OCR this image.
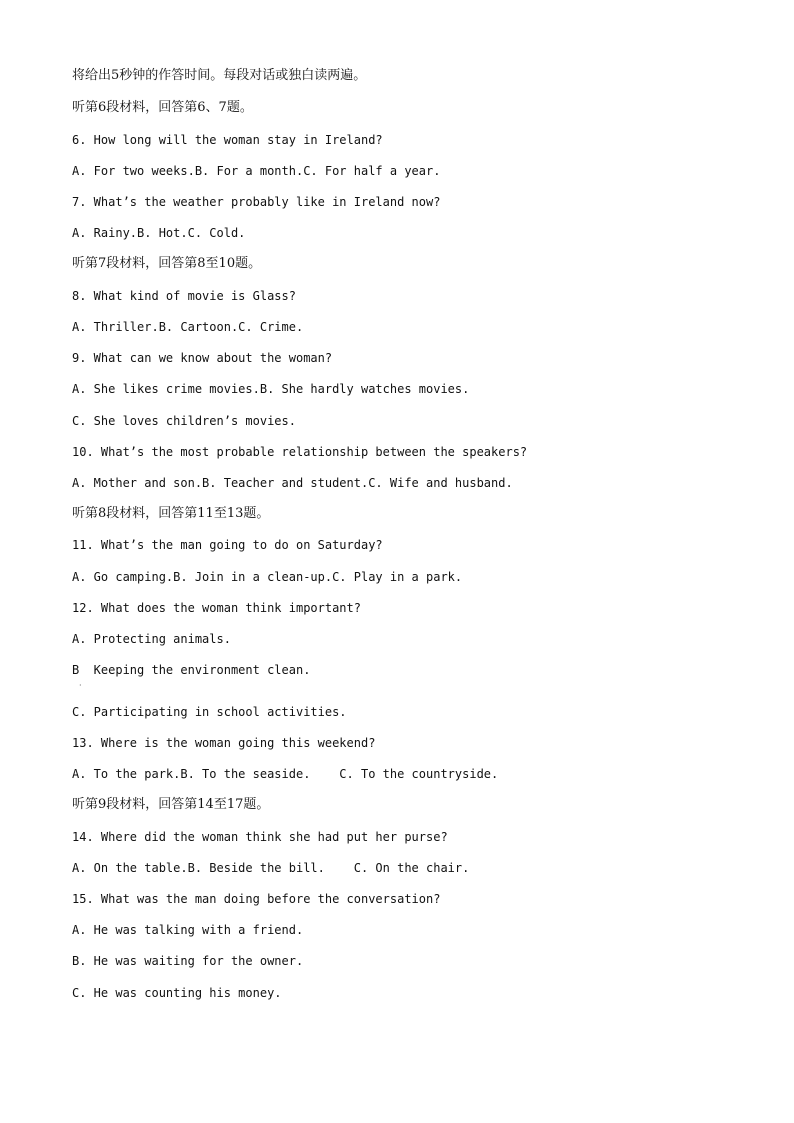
将给出5秒钟的作答时间。每段对话或独白读两遍。
听第6段材料，回答第6、7题。
6. How long will the woman stay in Ireland?
A. For two weeks.B. For a month.C. For half a year.
7. What’s the weather probably like in Ireland now?
A. Rainy.B. Hot.C. Cold.
听第7段材料，回答第8至10题。
8. What kind of movie is Glass?
A. Thriller.B. Cartoon.C. Crime.
9. What can we know about the woman?
A. She likes crime movies.B. She hardly watches movies.
C. She loves children’s movies.
10. What’s the most probable relationship between the speakers?
A. Mother and son.B. Teacher and student.C. Wife and husband.
听第8段材料，回答第11至13题。
11. What’s the man going to do on Saturday?
A. Go camping.B. Join in a clean-up.C. Play in a park.
12. What does the woman think important?
A. Protecting animals.
B  Keeping the environment clean.
·
C. Participating in school activities.
13. Where is the woman going this weekend?
A. To the park.B. To the seaside.    C. To the countryside.
听第9段材料，回答第14至17题。
14. Where did the woman think she had put her purse?
A. On the table.B. Beside the bill.    C. On the chair.
15. What was the man doing before the conversation?
A. He was talking with a friend.
B. He was waiting for the owner.
C. He was counting his money.
